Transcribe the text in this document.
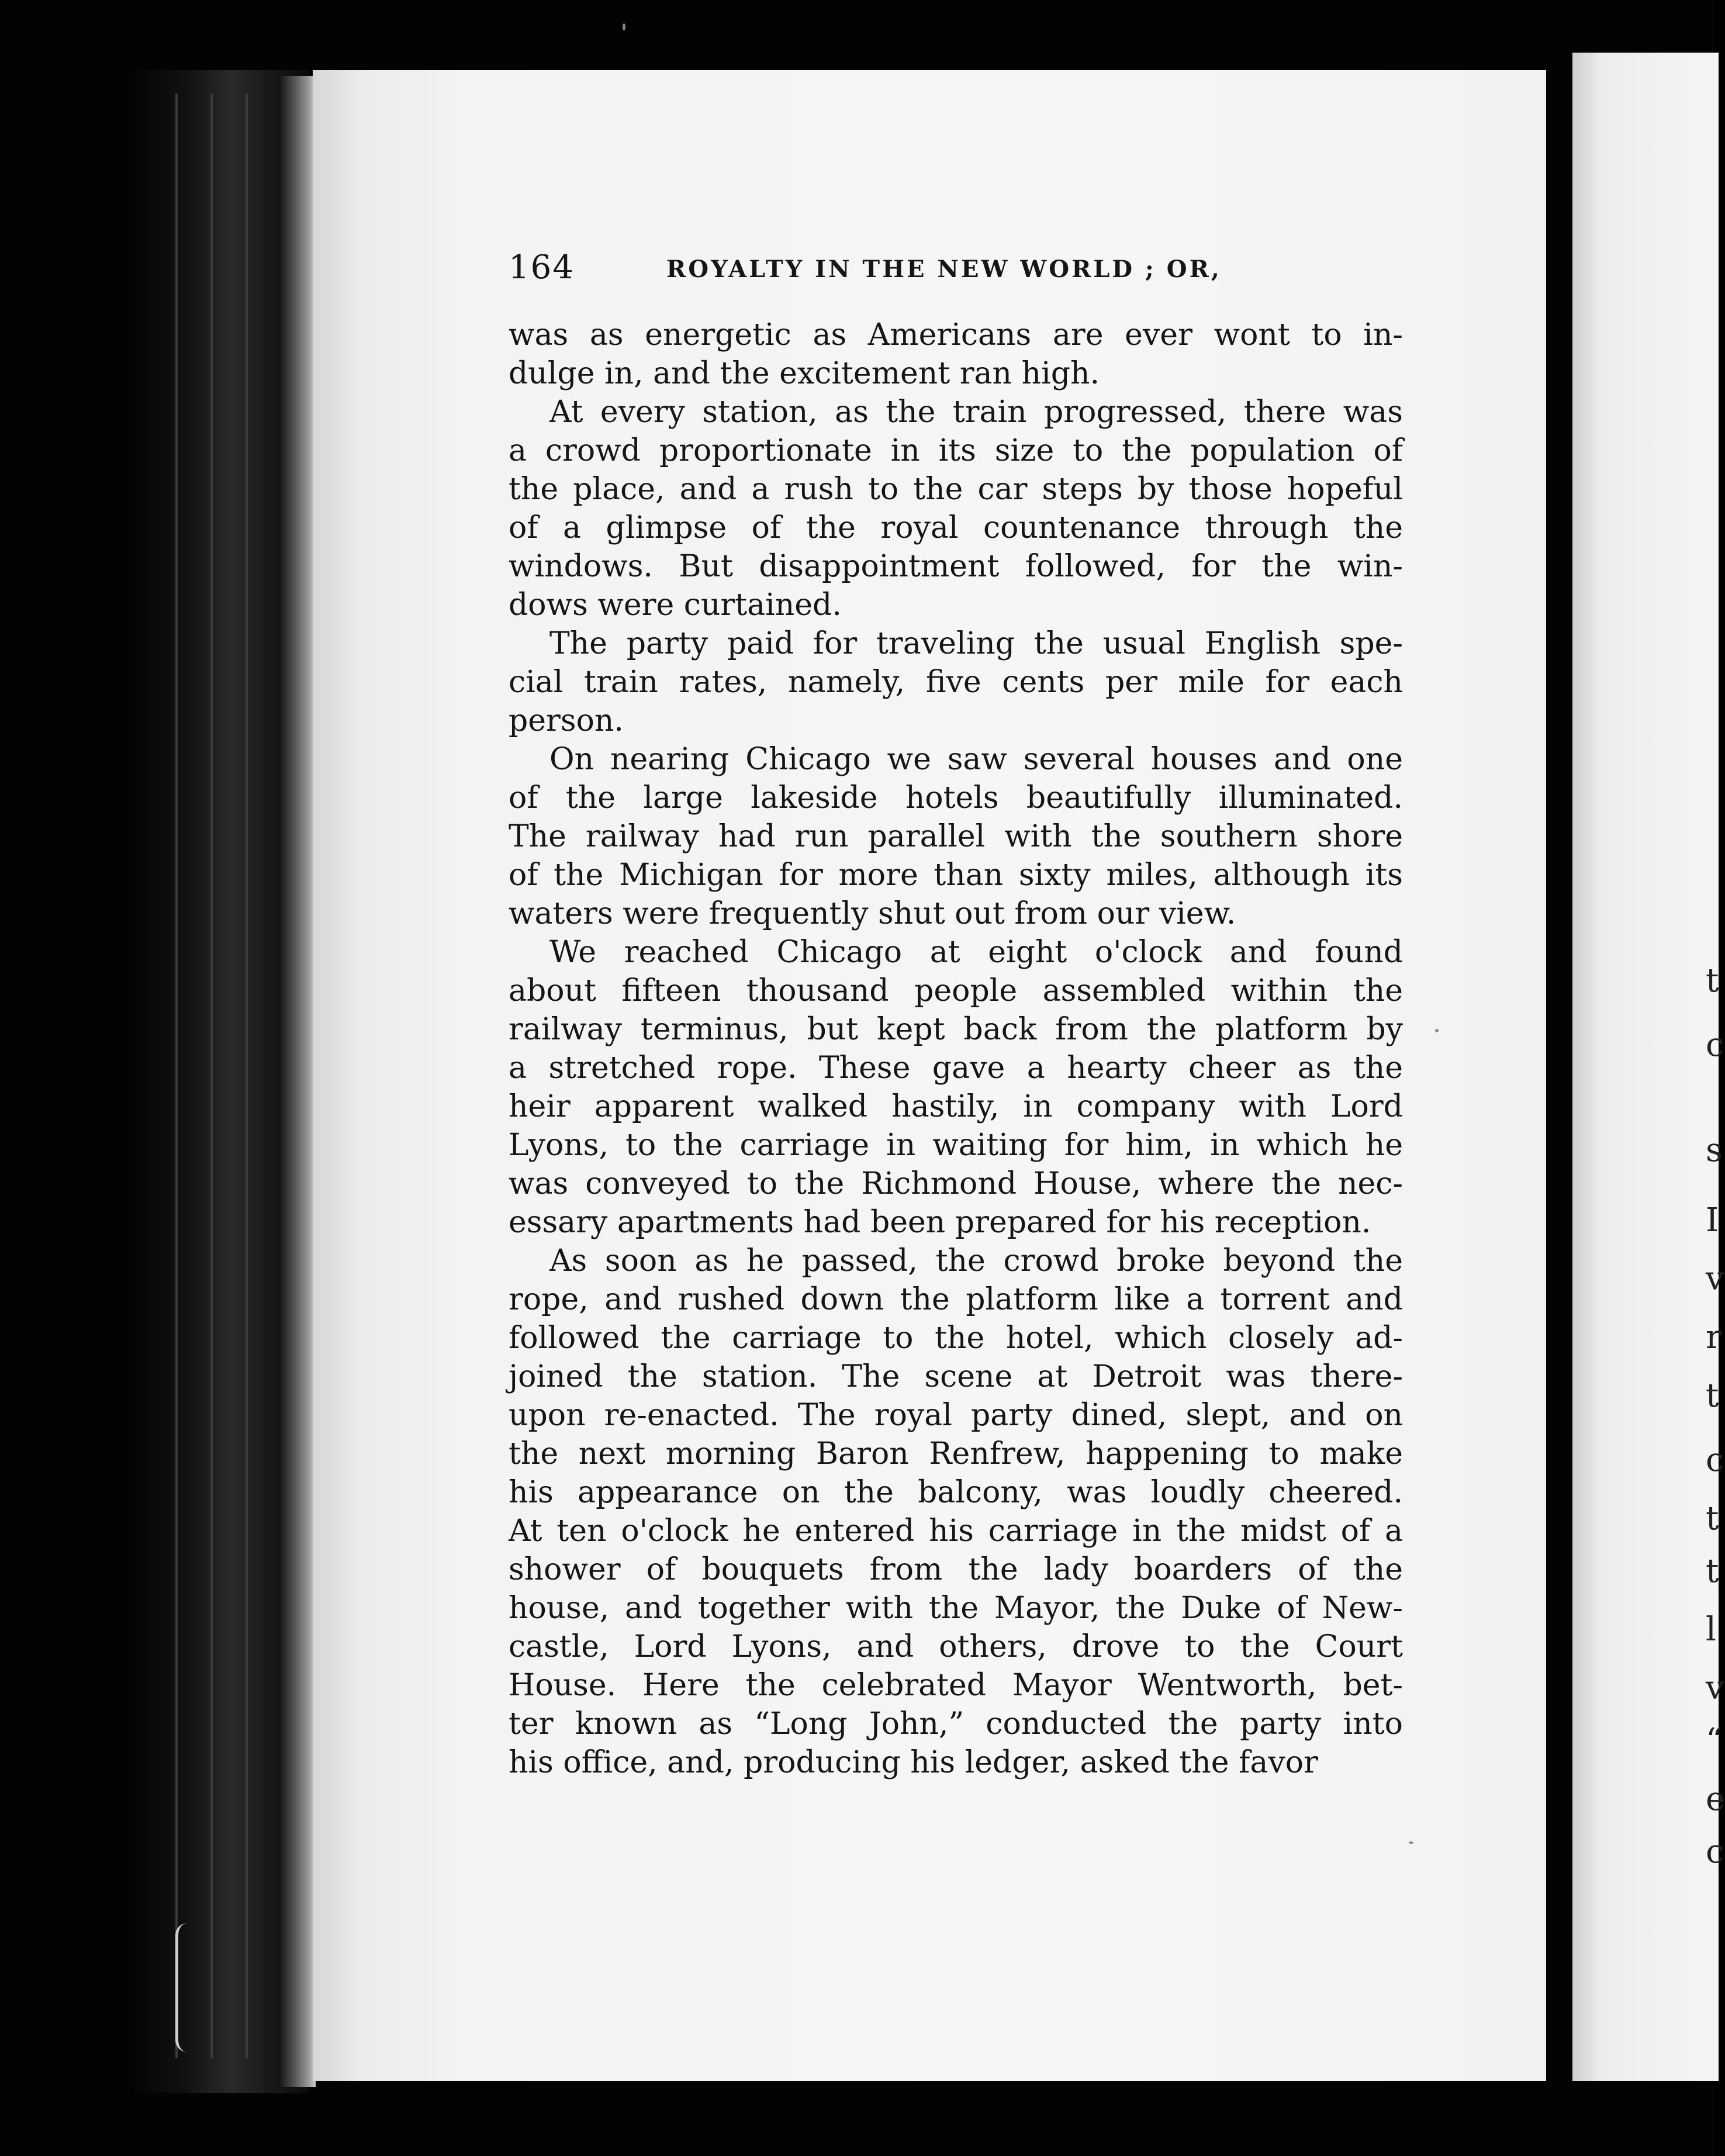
t
c
s
I
v
r
t
c
t
t
l
v
“
e
c
164	ROYALTY IN THE NEW WORLD ; OR,
was as energetic as Americans are ever wont to in-
dulge in, and the excitement ran high.
At every station, as the train progressed, there was
a crowd proportionate in its size to the population of
the place, and a rush to the car steps by those hopeful
of a glimpse of the royal countenance through the
windows. But disappointment followed, for the win-
dows were curtained.
The party paid for traveling the usual English spe-
cial train rates, namely, five cents per mile for each
person.
On nearing Chicago we saw several houses and one
of the large lakeside hotels beautifully illuminated.
The railway had run parallel with the southern shore
of the Michigan for more than sixty miles, although its
waters were frequently shut out from our view.
We reached Chicago at eight o'clock and found
about fifteen thousand people assembled within the
railway terminus, but kept back from the platform by
a stretched rope. These gave a hearty cheer as the
heir apparent walked hastily, in company with Lord
Lyons, to the carriage in waiting for him, in which he
was conveyed to the Richmond House, where the nec-
essary apartments had been prepared for his reception.
As soon as he passed, the crowd broke beyond the
rope, and rushed down the platform like a torrent and
followed the carriage to the hotel, which closely ad-
joined the station. The scene at Detroit was there-
upon re-enacted. The royal party dined, slept, and on
the next morning Baron Renfrew, happening to make
his appearance on the balcony, was loudly cheered.
At ten o'clock he entered his carriage in the midst of a
shower of bouquets from the lady boarders of the
house, and together with the Mayor, the Duke of New-
castle, Lord Lyons, and others, drove to the Court
House. Here the celebrated Mayor Wentworth, bet-
ter known as “Long John,” conducted the party into
his office, and, producing his ledger, asked the favor
